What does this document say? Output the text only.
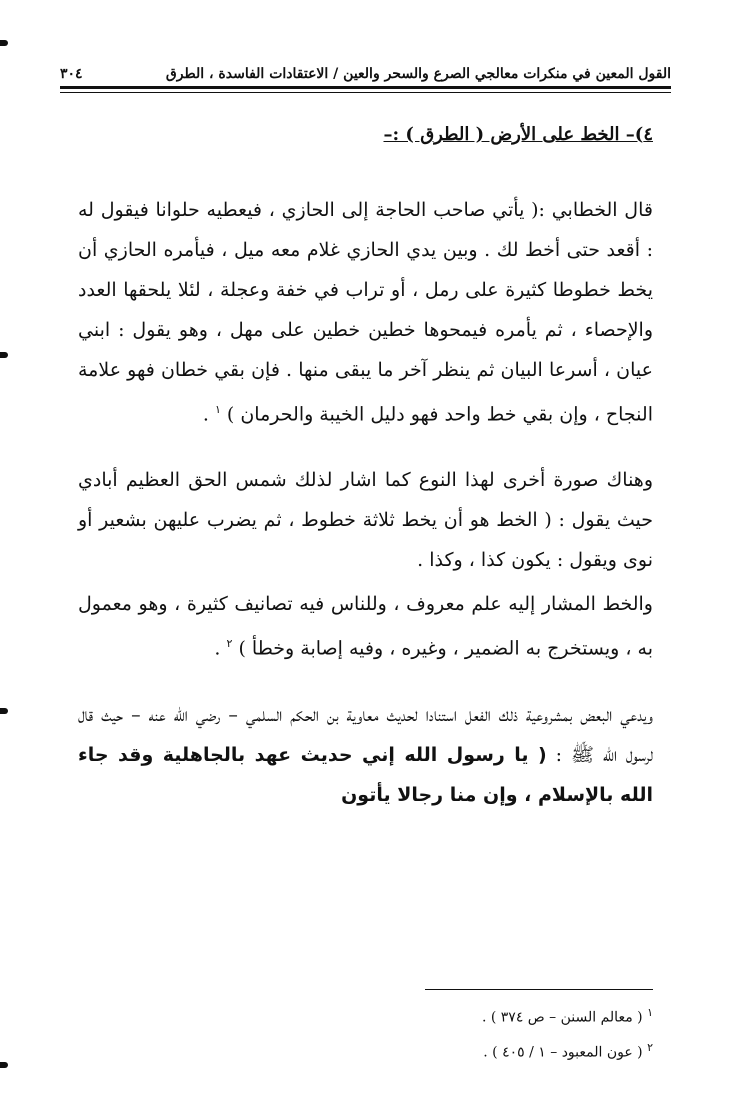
القول المعين في منكرات معالجي الصرع والسحر والعين / الاعتقادات الفاسدة ، الطرق
٣٠٤

٤)– الخط على الأرض ( الطرق ) :–

قال الخطابي :( يأتي صاحب الحاجة إلى الحازي ، فيعطيه حلوانا فيقول له : أقعد حتى أخط لك . وبين يدي الحازي غلام معه ميل ، فيأمره الحازي أن يخط خطوطا كثيرة على رمل ، أو تراب في خفة وعجلة ، لئلا يلحقها العدد والإحصاء ، ثم يأمره فيمحوها خطين خطين على مهل ، وهو يقول : ابني عيان ، أسرعا البيان ثم ينظر آخر ما يبقى منها . فإن بقي خطان فهو علامة النجاح ، وإن بقي خط واحد فهو دليل الخيبة والحرمان ) $^١$ .

وهناك صورة أخرى لهذا النوع كما اشار لذلك شمس الحق العظيم أبادي حيث يقول : ( الخط هو أن يخط ثلاثة خطوط ، ثم يضرب عليهن بشعير أو نوى ويقول : يكون كذا ، وكذا .

والخط المشار إليه علم معروف ، وللناس فيه تصانيف كثيرة ، وهو معمول به ، ويستخرج به الضمير ، وغيره ، وفيه إصابة وخطأ ) $^٢$ .

ويدعي البعض بمشروعية ذلك الفعل استنادا لحديث معاوية بن الحكم السلمي – رضي الله عنه – حيث قال لرسول الله ﷺ : ( يا رسول الله إني حديث عهد بالجاهلية وقد جاء الله بالإسلام ، وإن منا رجالا يأتون

$^١$ ( معالم السنن – ص ٣٧٤ ) .

$^٢$ ( عون المعبود – ١ / ٤٠٥ ) .
